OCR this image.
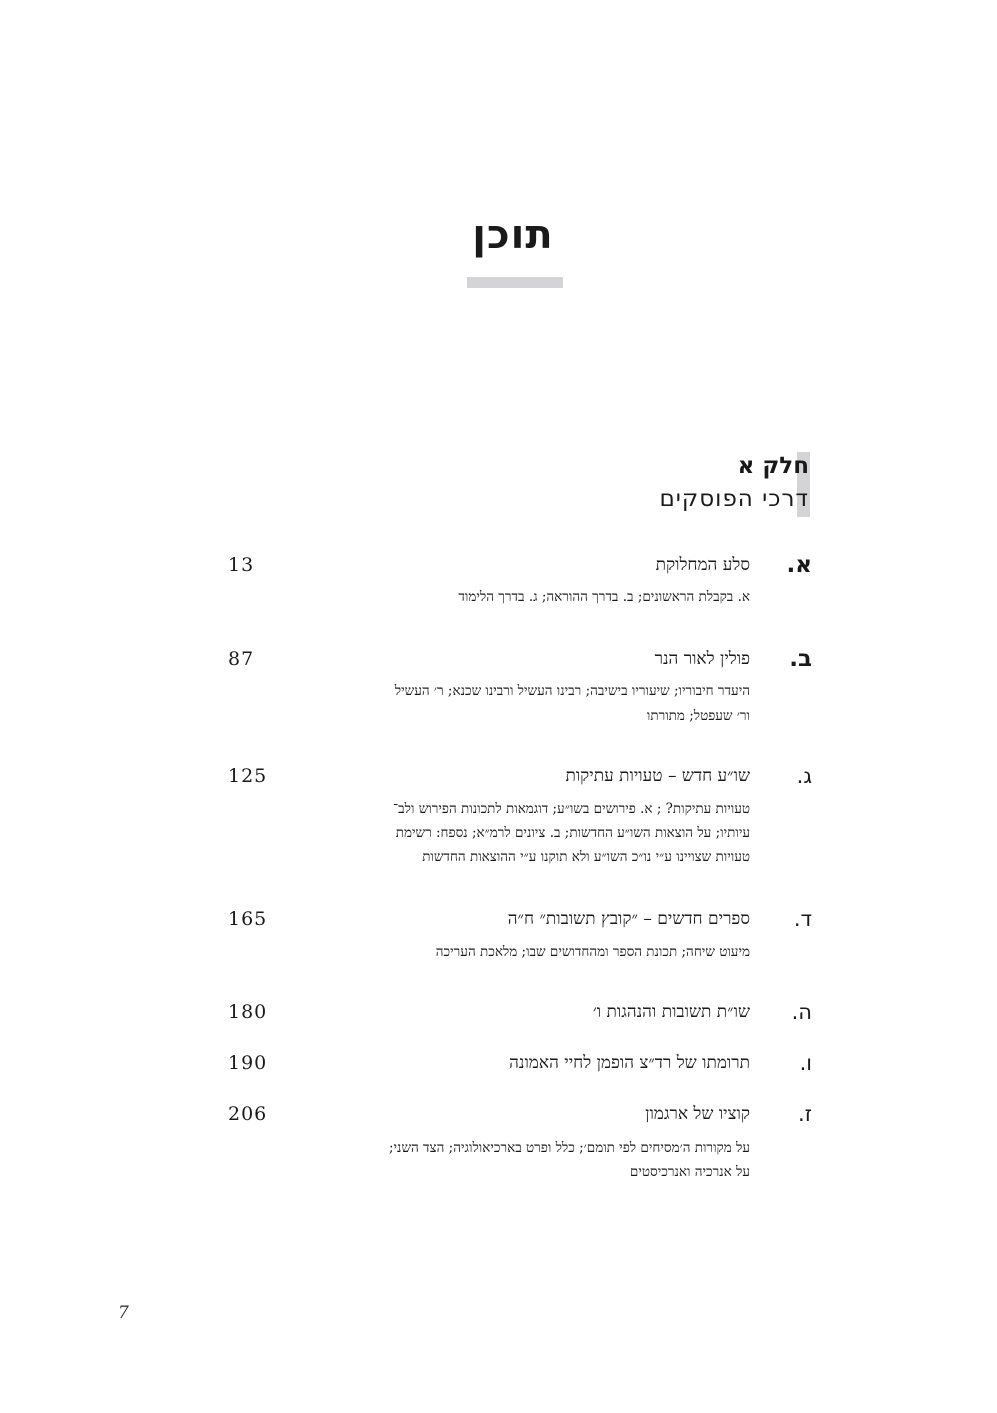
תוכן
חלק א
דרכי הפוסקים
א.
סלע המחלוקת
13
א. בקבלת הראשונים; ב. בדרך ההוראה; ג. בדרך הלימוד
ב.
פולין לאור הנר
87
היעדר חיבוריו; שיעוריו בישיבה; רבינו העשיל ורבינו שכנא; ר׳ העשיל
ור׳ שעפטל; מתורתו
ג.
שו״ע חדש – טעויות עתיקות
125
טעויות עתיקות? ; א. פירושים בשו״ע; דוגמאות לתכונות הפירוש ולב־
עיותיו; על הוצאות השו״ע החדשות; ב. ציונים לרמ״א; נספח: רשימת
טעויות שצויינו ע״י נו״כ השו״ע ולא תוקנו ע״י ההוצאות החדשות
ד.
ספרים חדשים – ״קובץ תשובות״ ח״ה
165
מיעוט שיחה; תכונת הספר ומהחדושים שבו; מלאכת העריכה
ה.
שו״ת תשובות והנהגות ו׳
180
ו.
תרומתו של רד״צ הופמן לחיי האמונה
190
ז.
קוציו של ארגמון
206
על מקורות ה׳מסיחים לפי תומם׳; כלל ופרט בארכיאולוגיה; הצד השני;
על אנרכיה ואנרכיסטים
7
